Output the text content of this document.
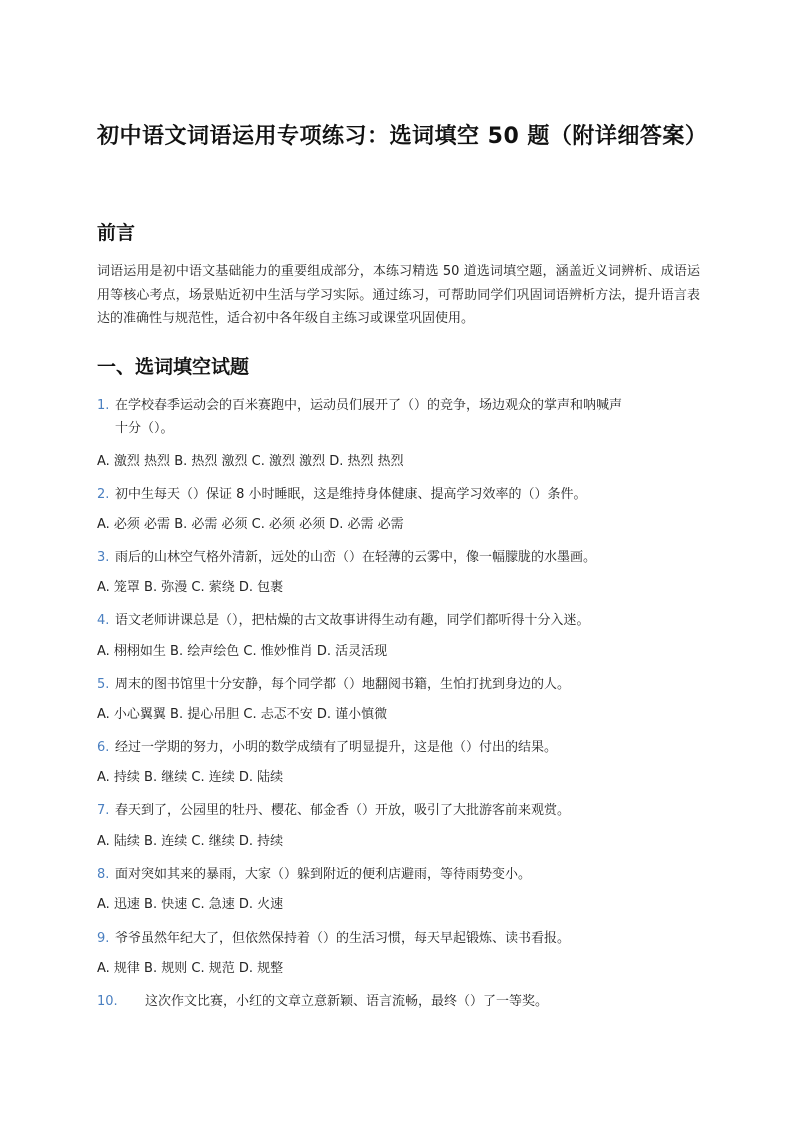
初中语文词语运用专项练习：选词填空 50 题（附详细答案）
前言
词语运用是初中语文基础能力的重要组成部分，本练习精选 50 道选词填空题，涵盖近义词辨析、成语运用等核心考点，场景贴近初中生活与学习实际。通过练习，可帮助同学们巩固词语辨析方法，提升语言表达的准确性与规范性，适合初中各年级自主练习或课堂巩固使用。
一、选词填空试题
1. 在学校春季运动会的百米赛跑中，运动员们展开了（）的竞争，场边观众的掌声和呐喊声
十分（）。
A. 激烈 热烈 B. 热烈 激烈 C. 激烈 激烈 D. 热烈 热烈
2. 初中生每天（）保证 8 小时睡眠，这是维持身体健康、提高学习效率的（）条件。
A. 必须 必需 B. 必需 必须 C. 必须 必须 D. 必需 必需
3. 雨后的山林空气格外清新，远处的山峦（）在轻薄的云雾中，像一幅朦胧的水墨画。
A. 笼罩 B. 弥漫 C. 萦绕 D. 包裹
4. 语文老师讲课总是（），把枯燥的古文故事讲得生动有趣，同学们都听得十分入迷。
A. 栩栩如生 B. 绘声绘色 C. 惟妙惟肖 D. 活灵活现
5. 周末的图书馆里十分安静，每个同学都（）地翻阅书籍，生怕打扰到身边的人。
A. 小心翼翼 B. 提心吊胆 C. 忐忑不安 D. 谨小慎微
6. 经过一学期的努力，小明的数学成绩有了明显提升，这是他（）付出的结果。
A. 持续 B. 继续 C. 连续 D. 陆续
7. 春天到了，公园里的牡丹、樱花、郁金香（）开放，吸引了大批游客前来观赏。
A. 陆续 B. 连续 C. 继续 D. 持续
8. 面对突如其来的暴雨，大家（）躲到附近的便利店避雨，等待雨势变小。
A. 迅速 B. 快速 C. 急速 D. 火速
9. 爷爷虽然年纪大了，但依然保持着（）的生活习惯，每天早起锻炼、读书看报。
A. 规律 B. 规则 C. 规范 D. 规整
10. 这次作文比赛，小红的文章立意新颖、语言流畅，最终（）了一等奖。
